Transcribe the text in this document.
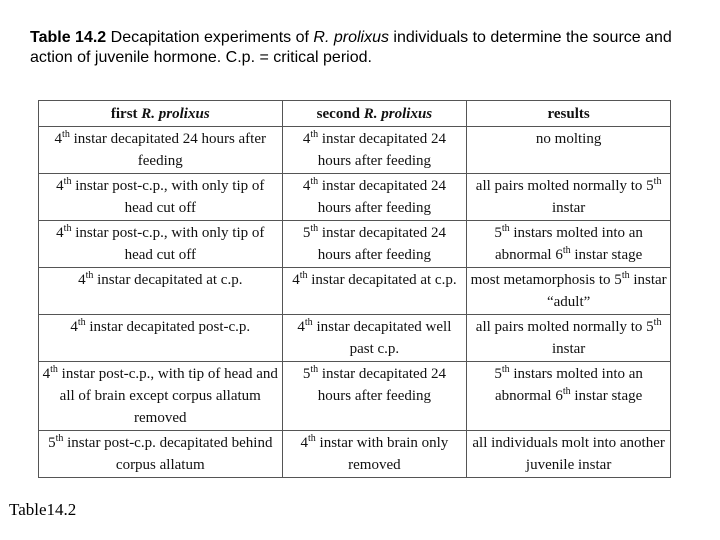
Table 14.2 Decapitation experiments of R. prolixus individuals to determine the source and action of juvenile hormone. C.p. = critical period.
first R. prolixus	second R. prolixus	results
4th instar decapitated 24 hours after feeding	4th instar decapitated 24 hours after feeding	no molting
4th instar post-c.p., with only tip of head cut off	4th instar decapitated 24 hours after feeding	all pairs molted normally to 5th instar
4th instar post-c.p., with only tip of head cut off	5th instar decapitated 24 hours after feeding	5th instars molted into an abnormal 6th instar stage
4th instar decapitated at c.p.	4th instar decapitated at c.p.	most metamorphosis to 5th instar “adult”
4th instar decapitated post-c.p.	4th instar decapitated well past c.p.	all pairs molted normally to 5th instar
4th instar post-c.p., with tip of head and all of brain except corpus allatum removed	5th instar decapitated 24 hours after feeding	5th instars molted into an abnormal 6th instar stage
5th instar post-c.p. decapitated behind corpus allatum	4th instar with brain only removed	all individuals molt into another juvenile instar
Table14.2
